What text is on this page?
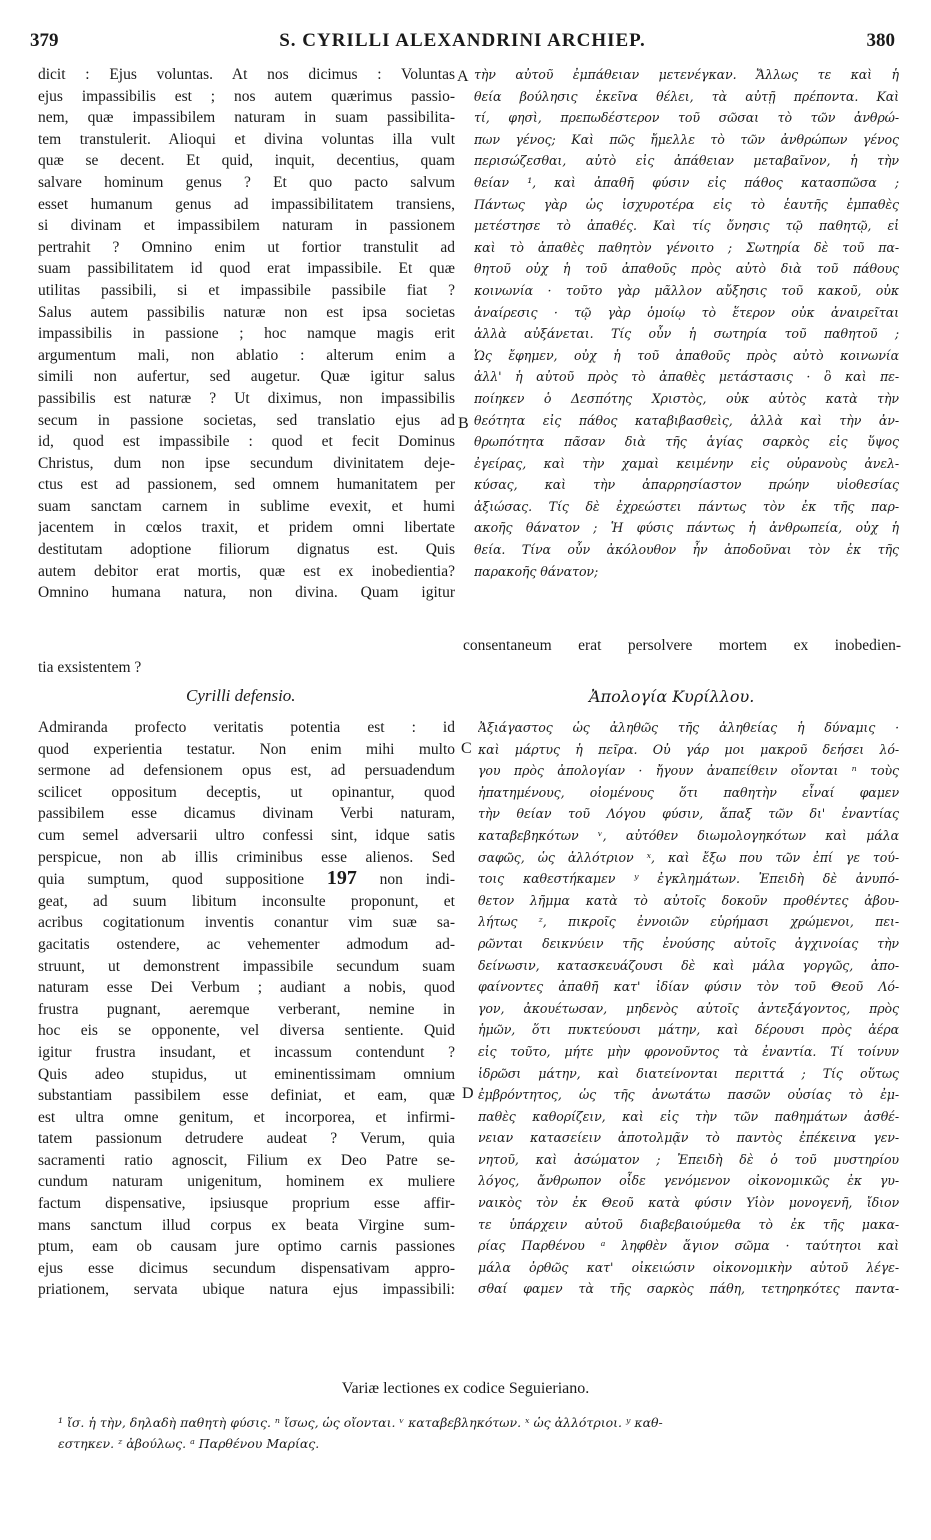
379	S. CYRILLI ALEXANDRINI ARCHIEP.	380
dicit : Ejus voluntas. At nos dicimus : Voluntas
ejus impassibilis est ; nos autem quærimus passio-
nem, quæ impassibilem naturam in suam passibilita-
tem transtulerit. Alioqui et divina voluntas illa vult
quæ se decent. Et quid, inquit, decentius, quam
salvare hominum genus ? Et quo pacto salvum
esset humanum genus ad impassibilitatem transiens,
si divinam et impassibilem naturam in passionem
pertrahit ? Omnino enim ut fortior transtulit ad
suam passibilitatem id quod erat impassibile. Et quæ
utilitas passibili, si et impassibile passibile fiat ?
Salus autem passibilis naturæ non est ipsa societas
impassibilis in passione ; hoc namque magis erit
argumentum mali, non ablatio : alterum enim a
simili non aufertur, sed augetur. Quæ igitur salus
passibilis est naturæ ? Ut diximus, non impassibilis
secum in passione societas, sed translatio ejus ad
id, quod est impassibile : quod et fecit Dominus
Christus, dum non ipse secundum divinitatem deje-
ctus est ad passionem, sed omnem humanitatem per
suam sanctam carnem in sublime evexit, et humi
jacentem in cœlos traxit, et pridem omni libertate
destitutam adoptione filiorum dignatus est. Quis
autem debitor erat mortis, quæ est ex inobedientia?
Omnino humana natura, non divina. Quam igitur
τὴν αὐτοῦ ἐμπάθειαν μετενέγκαν. Ἄλλως τε καὶ ἡ
θεία βούλησις ἐκεῖνα θέλει, τὰ αὐτῇ πρέποντα. Καὶ
τί, φησὶ, πρεπωδέστερον τοῦ σῶσαι τὸ τῶν ἀνθρώ-
πων γένος; Καὶ πῶς ἤμελλε τὸ τῶν ἀνθρώπων γένος
περισώζεσθαι, αὐτὸ εἰς ἀπάθειαν μεταβαῖνον, ἡ τὴν
θείαν ¹, καὶ ἀπαθῆ φύσιν εἰς πάθος κατασπῶσα ;
Πάντως γὰρ ὡς ἰσχυροτέρα εἰς τὸ ἑαυτῆς ἐμπαθὲς
μετέστησε τὸ ἀπαθές. Καὶ τίς ὄνησις τῷ παθητῷ, εἰ
καὶ τὸ ἀπαθὲς παθητὸν γένοιτο ; Σωτηρία δὲ τοῦ πα-
θητοῦ οὐχ ἡ τοῦ ἀπαθοῦς πρὸς αὐτὸ διὰ τοῦ πάθους
κοινωνία · τοῦτο γὰρ μᾶλλον αὔξησις τοῦ κακοῦ, οὐκ
ἀναίρεσις · τῷ γὰρ ὁμοίῳ τὸ ἕτερον οὐκ ἀναιρεῖται
ἀλλὰ αὐξάνεται. Τίς οὖν ἡ σωτηρία τοῦ παθητοῦ ;
Ὡς ἔφημεν, οὐχ ἡ τοῦ ἀπαθοῦς πρὸς αὐτὸ κοινωνία
ἀλλ' ἡ αὐτοῦ πρὸς τὸ ἀπαθὲς μετάστασις · ὃ καὶ πε-
ποίηκεν ὁ Δεσπότης Χριστὸς, οὐκ αὐτὸς κατὰ τὴν
θεότητα εἰς πάθος καταβιβασθεὶς, ἀλλὰ καὶ τὴν ἀν-
θρωπότητα πᾶσαν διὰ τῆς ἁγίας σαρκὸς εἰς ὕψος
ἐγείρας, καὶ τὴν χαμαὶ κειμένην εἰς οὐρανοὺς ἀνελ-
κύσας, καὶ τὴν ἀπαρρησίαστον πρώην υἱοθεσίας
ἀξιώσας. Τίς δὲ ἐχρεώστει πάντως τὸν ἐκ τῆς παρ-
ακοῆς θάνατον ; Ἡ φύσις πάντως ἡ ἀνθρωπεία, οὐχ ἡ
θεία. Τίνα οὖν ἀκόλουθον ἦν ἀποδοῦναι τὸν ἐκ τῆς
παρακοῆς θάνατον;
consentaneum erat persolvere mortem ex inobedien-
tia exsistentem ?
A
B
C
D
Cyrilli defensio.	Ἀπολογία Κυρίλλου.
Admiranda profecto veritatis potentia est : id
quod experientia testatur. Non enim mihi multo
sermone ad defensionem opus est, ad persuadendum
scilicet oppositum deceptis, ut opinantur, quod
passibilem esse dicamus divinam Verbi naturam,
cum semel adversarii ultro confessi sint, idque satis
perspicue, non ab illis criminibus esse alienos. Sed
quia sumptum, quod suppositione 197 non indi-
geat, ad suum libitum inconsulte proponunt, et
acribus cogitationum inventis conantur vim suæ sa-
gacitatis ostendere, ac vehementer admodum ad-
struunt, ut demonstrent impassibile secundum suam
naturam esse Dei Verbum ; audiant a nobis, quod
frustra pugnant, aeremque verberant, nemine in
hoc eis se opponente, vel diversa sentiente. Quid
igitur frustra insudant, et incassum contendunt ?
Quis adeo stupidus, ut eminentissimam omnium
substantiam passibilem esse definiat, et eam, quæ
est ultra omne genitum, et incorporea, et infirmi-
tatem passionum detrudere audeat ? Verum, quia
sacramenti ratio agnoscit, Filium ex Deo Patre se-
cundum naturam unigenitum, hominem ex muliere
factum dispensative, ipsiusque proprium esse affir-
mans sanctum illud corpus ex beata Virgine sum-
ptum, eam ob causam jure optimo carnis passiones
ejus esse dicimus secundum dispensativam appro-
priationem, servata ubique natura ejus impassibili:
Ἀξιάγαστος ὡς ἀληθῶς τῆς ἀληθείας ἡ δύναμις ·
καὶ μάρτυς ἡ πεῖρα. Οὐ γάρ μοι μακροῦ δεήσει λό-
γου πρὸς ἀπολογίαν · ἤγουν ἀναπείθειν οἴονται ⁿ τοὺς
ἠπατημένους, οἰομένους ὅτι παθητὴν εἶναί φαμεν
τὴν θείαν τοῦ Λόγου φύσιν, ἅπαξ τῶν δι' ἐναντίας
καταβεβηκότων ᵛ, αὐτόθεν διωμολογηκότων καὶ μάλα
σαφῶς, ὡς ἀλλότριον ˣ, καὶ ἔξω που τῶν ἐπί γε τού-
τοις καθεστήκαμεν ʸ ἐγκλημάτων. Ἐπειδὴ δὲ ἀνυπό-
θετον λῆμμα κατὰ τὸ αὐτοῖς δοκοῦν προθέντες ἀβου-
λήτως ᶻ, πικροῖς ἐννοιῶν εὑρήμασι χρώμενοι, πει-
ρῶνται δεικνύειν τῆς ἐνούσης αὐτοῖς ἀγχινοίας τὴν
δείνωσιν, κατασκευάζουσι δὲ καὶ μάλα γοργῶς, ἀπο-
φαίνοντες ἀπαθῆ κατ' ἰδίαν φύσιν τὸν τοῦ Θεοῦ Λό-
γον, ἀκουέτωσαν, μηδενὸς αὐτοῖς ἀντεξάγοντος, πρὸς
ἡμῶν, ὅτι πυκτεύουσι μάτην, καὶ δέρουσι πρὸς ἀέρα
εἰς τοῦτο, μήτε μὴν φρονοῦντος τὰ ἐναντία. Τί τοίνυν
ἱδρῶσι μάτην, καὶ διατείνονται περιττά ; Τίς οὕτως
ἐμβρόντητος, ὡς τῆς ἀνωτάτω πασῶν οὐσίας τὸ ἐμ-
παθὲς καθορίζειν, καὶ εἰς τὴν τῶν παθημάτων ἀσθέ-
νειαν κατασείειν ἀποτολμᾷν τὸ παντὸς ἐπέκεινα γεν-
νητοῦ, καὶ ἀσώματον ; Ἐπειδὴ δὲ ὁ τοῦ μυστηρίου
λόγος, ἄνθρωπον οἶδε γενόμενον οἰκονομικῶς ἐκ γυ-
ναικὸς τὸν ἐκ Θεοῦ κατὰ φύσιν Υἱὸν μονογενῆ, ἴδιον
τε ὑπάρχειν αὐτοῦ διαβεβαιούμεθα τὸ ἐκ τῆς μακα-
ρίας Παρθένου ᵃ ληφθὲν ἅγιον σῶμα · ταύτητοι καὶ
μάλα ὀρθῶς κατ' οἰκειώσιν οἰκονομικὴν αὐτοῦ λέγε-
σθαί φαμεν τὰ τῆς σαρκὸς πάθη, τετηρηκότες παντα-
Variæ lectiones ex codice Seguieriano.
¹ ἴσ. ἡ τὴν, δηλαδὴ παθητὴ φύσις. ⁿ ἴσως, ὡς οἴονται. ᵛ καταβεβληκότων. ˣ ὡς ἀλλότριοι. ʸ καθ-
εστηκεν. ᶻ ἀβούλως. ᵃ Παρθένου Μαρίας.
